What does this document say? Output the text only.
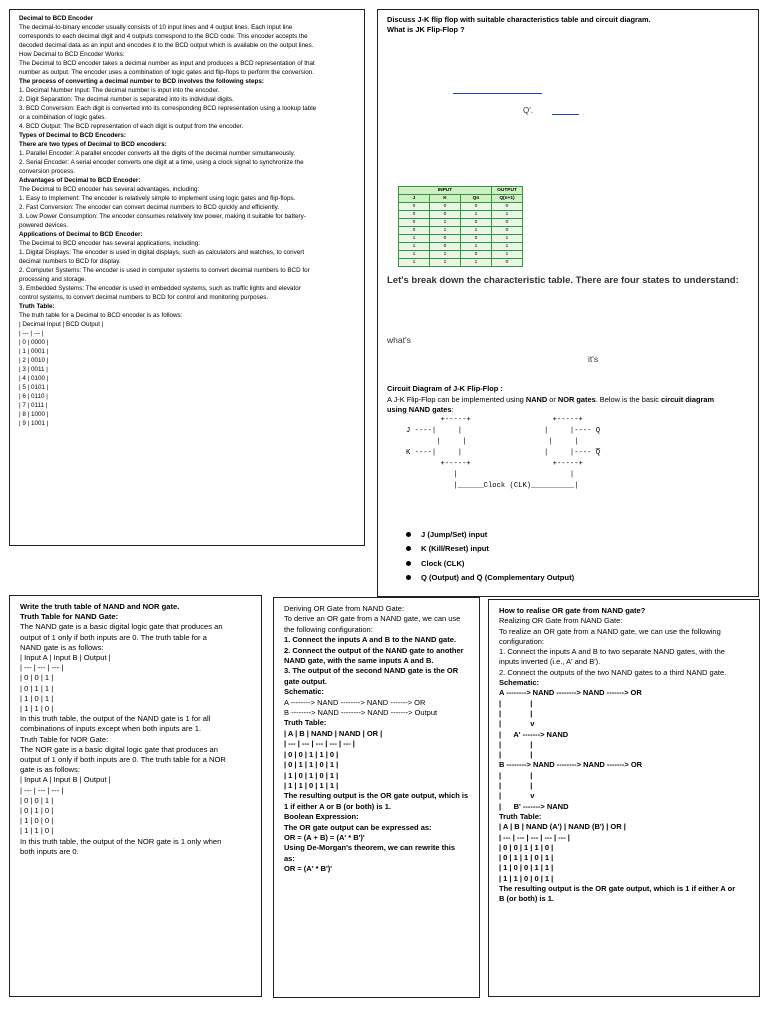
Decimal to BCD Encoder
The decimal-to-binary encoder usually consists of 10 input lines and 4 output lines. Each input line
corresponds to each decimal digit and 4 outputs correspond to the BCD code. This encoder accepts the
decoded decimal data as an input and encodes it to the BCD output which is available on the output lines.
How Decimal to BCD Encoder Works:
The Decimal to BCD encoder takes a decimal number as input and produces a BCD representation of that
number as output. The encoder uses a combination of logic gates and flip-flops to perform the conversion.
The process of converting a decimal number to BCD involves the following steps:
1. Decimal Number Input: The decimal number is input into the encoder.
2. Digit Separation: The decimal number is separated into its individual digits.
3. BCD Conversion: Each digit is converted into its corresponding BCD representation using a lookup table
or a combination of logic gates.
4. BCD Output: The BCD representation of each digit is output from the encoder.
Types of Decimal to BCD Encoders:
There are two types of Decimal to BCD encoders:
1. Parallel Encoder: A parallel encoder converts all the digits of the decimal number simultaneously.
2. Serial Encoder: A serial encoder converts one digit at a time, using a clock signal to synchronize the
conversion process.
Advantages of Decimal to BCD Encoder:
The Decimal to BCD encoder has several advantages, including:
1. Easy to Implement: The encoder is relatively simple to implement using logic gates and flip-flops.
2. Fast Conversion: The encoder can convert decimal numbers to BCD quickly and efficiently.
3. Low Power Consumption: The encoder consumes relatively low power, making it suitable for battery-
powered devices.
Applications of Decimal to BCD Encoder:
The Decimal to BCD encoder has several applications, including:
1. Digital Displays: The encoder is used in digital displays, such as calculators and watches, to convert
decimal numbers to BCD for display.
2. Computer Systems: The encoder is used in computer systems to convert decimal numbers to BCD for
processing and storage.
3. Embedded Systems: The encoder is used in embedded systems, such as traffic lights and elevator
control systems, to convert decimal numbers to BCD for control and monitoring purposes.
Truth Table:
The truth table for a Decimal to BCD encoder is as follows:
| Decimal Input | BCD Output |
| --- | --- |
| 0 | 0000 |
| 1 | 0001 |
| 2 | 0010 |
| 3 | 0011 |
| 4 | 0100 |
| 5 | 0101 |
| 6 | 0110 |
| 7 | 0111 |
| 8 | 1000 |
| 9 | 1001 |
Discuss J-K flip flop with suitable characteristics table and circuit diagram.
What is JK Flip-Flop ?
Q'.
INPUT			OUTPUT
J	K	Qn	Q(n+1)
0	0	0	0
0	0	1	1
0	1	0	0
0	1	1	0
1	0	0	1
1	0	1	1
1	1	0	1
1	1	1	0
Let's break down the characteristic table. There are four states to understand:
what's
it's
Circuit Diagram of J-K Flip-Flop :
A J-K Flip-Flop can be implemented using NAND or NOR gates. Below is the basic circuit diagram
using NAND gates:
+-----+                   +-----+
J ----|     |                   |     |---- Q
|     |                   |     |
K ----|     |                   |     |---- Q̅̅
+-----+                   +-----+
|                          |
|______Clock (CLK)__________|
J (Jump/Set) input
K (Kill/Reset) input
Clock (CLK)
Q (Output) and Q̅ (Complementary Output)
Write the truth table of NAND and NOR gate.
Truth Table for NAND Gate:
The NAND gate is a basic digital logic gate that produces an
output of 1 only if both inputs are 0. The truth table for a
NAND gate is as follows:
| Input A | Input B | Output |
| --- | --- | --- |
| 0 | 0 | 1 |
| 0 | 1 | 1 |
| 1 | 0 | 1 |
| 1 | 1 | 0 |
In this truth table, the output of the NAND gate is 1 for all
combinations of inputs except when both inputs are 1.
Truth Table for NOR Gate:
The NOR gate is a basic digital logic gate that produces an
output of 1 only if both inputs are 0. The truth table for a NOR
gate is as follows:
| Input A | Input B | Output |
| --- | --- | --- |
| 0 | 0 | 1 |
| 0 | 1 | 0 |
| 1 | 0 | 0 |
| 1 | 1 | 0 |
In this truth table, the output of the NOR gate is 1 only when
both inputs are 0.
Deriving OR Gate from NAND Gate:
To derive an OR gate from a NAND gate, we can use
the following configuration:
1. Connect the inputs A and B to the NAND gate.
2. Connect the output of the NAND gate to another
NAND gate, with the same inputs A and B.
3. The output of the second NAND gate is the OR
gate output.
Schematic:
A --------> NAND --------> NAND -------> OR
B --------> NAND --------> NAND -------> Output
Truth Table:
| A | B | NAND | NAND | OR |
| --- | --- | --- | --- | --- |
| 0 | 0 | 1 | 1 | 0 |
| 0 | 1 | 1 | 0 | 1 |
| 1 | 0 | 1 | 0 | 1 |
| 1 | 1 | 0 | 1 | 1 |
The resulting output is the OR gate output, which is
1 if either A or B (or both) is 1.
Boolean Expression:
The OR gate output can be expressed as:
OR = (A + B) = (A' * B')'
Using De-Morgan's theorem, we can rewrite this
as:
OR = (A' * B')'
How to realise OR gate from NAND gate?
Realizing OR Gate from NAND Gate:
To realize an OR gate from a NAND gate, we can use the following
configuration:
1. Connect the inputs A and B to two separate NAND gates, with the
inputs inverted (i.e., A' and B').
2. Connect the outputs of the two NAND gates to a third NAND gate.
Schematic:
A --------> NAND --------> NAND -------> OR
|              |
|              |
|              v
|      A' -------> NAND
|              |
|              |
B --------> NAND --------> NAND -------> OR
|              |
|              |
|              v
|      B' -------> NAND
Truth Table:
| A | B | NAND (A') | NAND (B') | OR |
| --- | --- | --- | --- | --- |
| 0 | 0 | 1 | 1 | 0 |
| 0 | 1 | 1 | 0 | 1 |
| 1 | 0 | 0 | 1 | 1 |
| 1 | 1 | 0 | 0 | 1 |
The resulting output is the OR gate output, which is 1 if either A or
B (or both) is 1.
